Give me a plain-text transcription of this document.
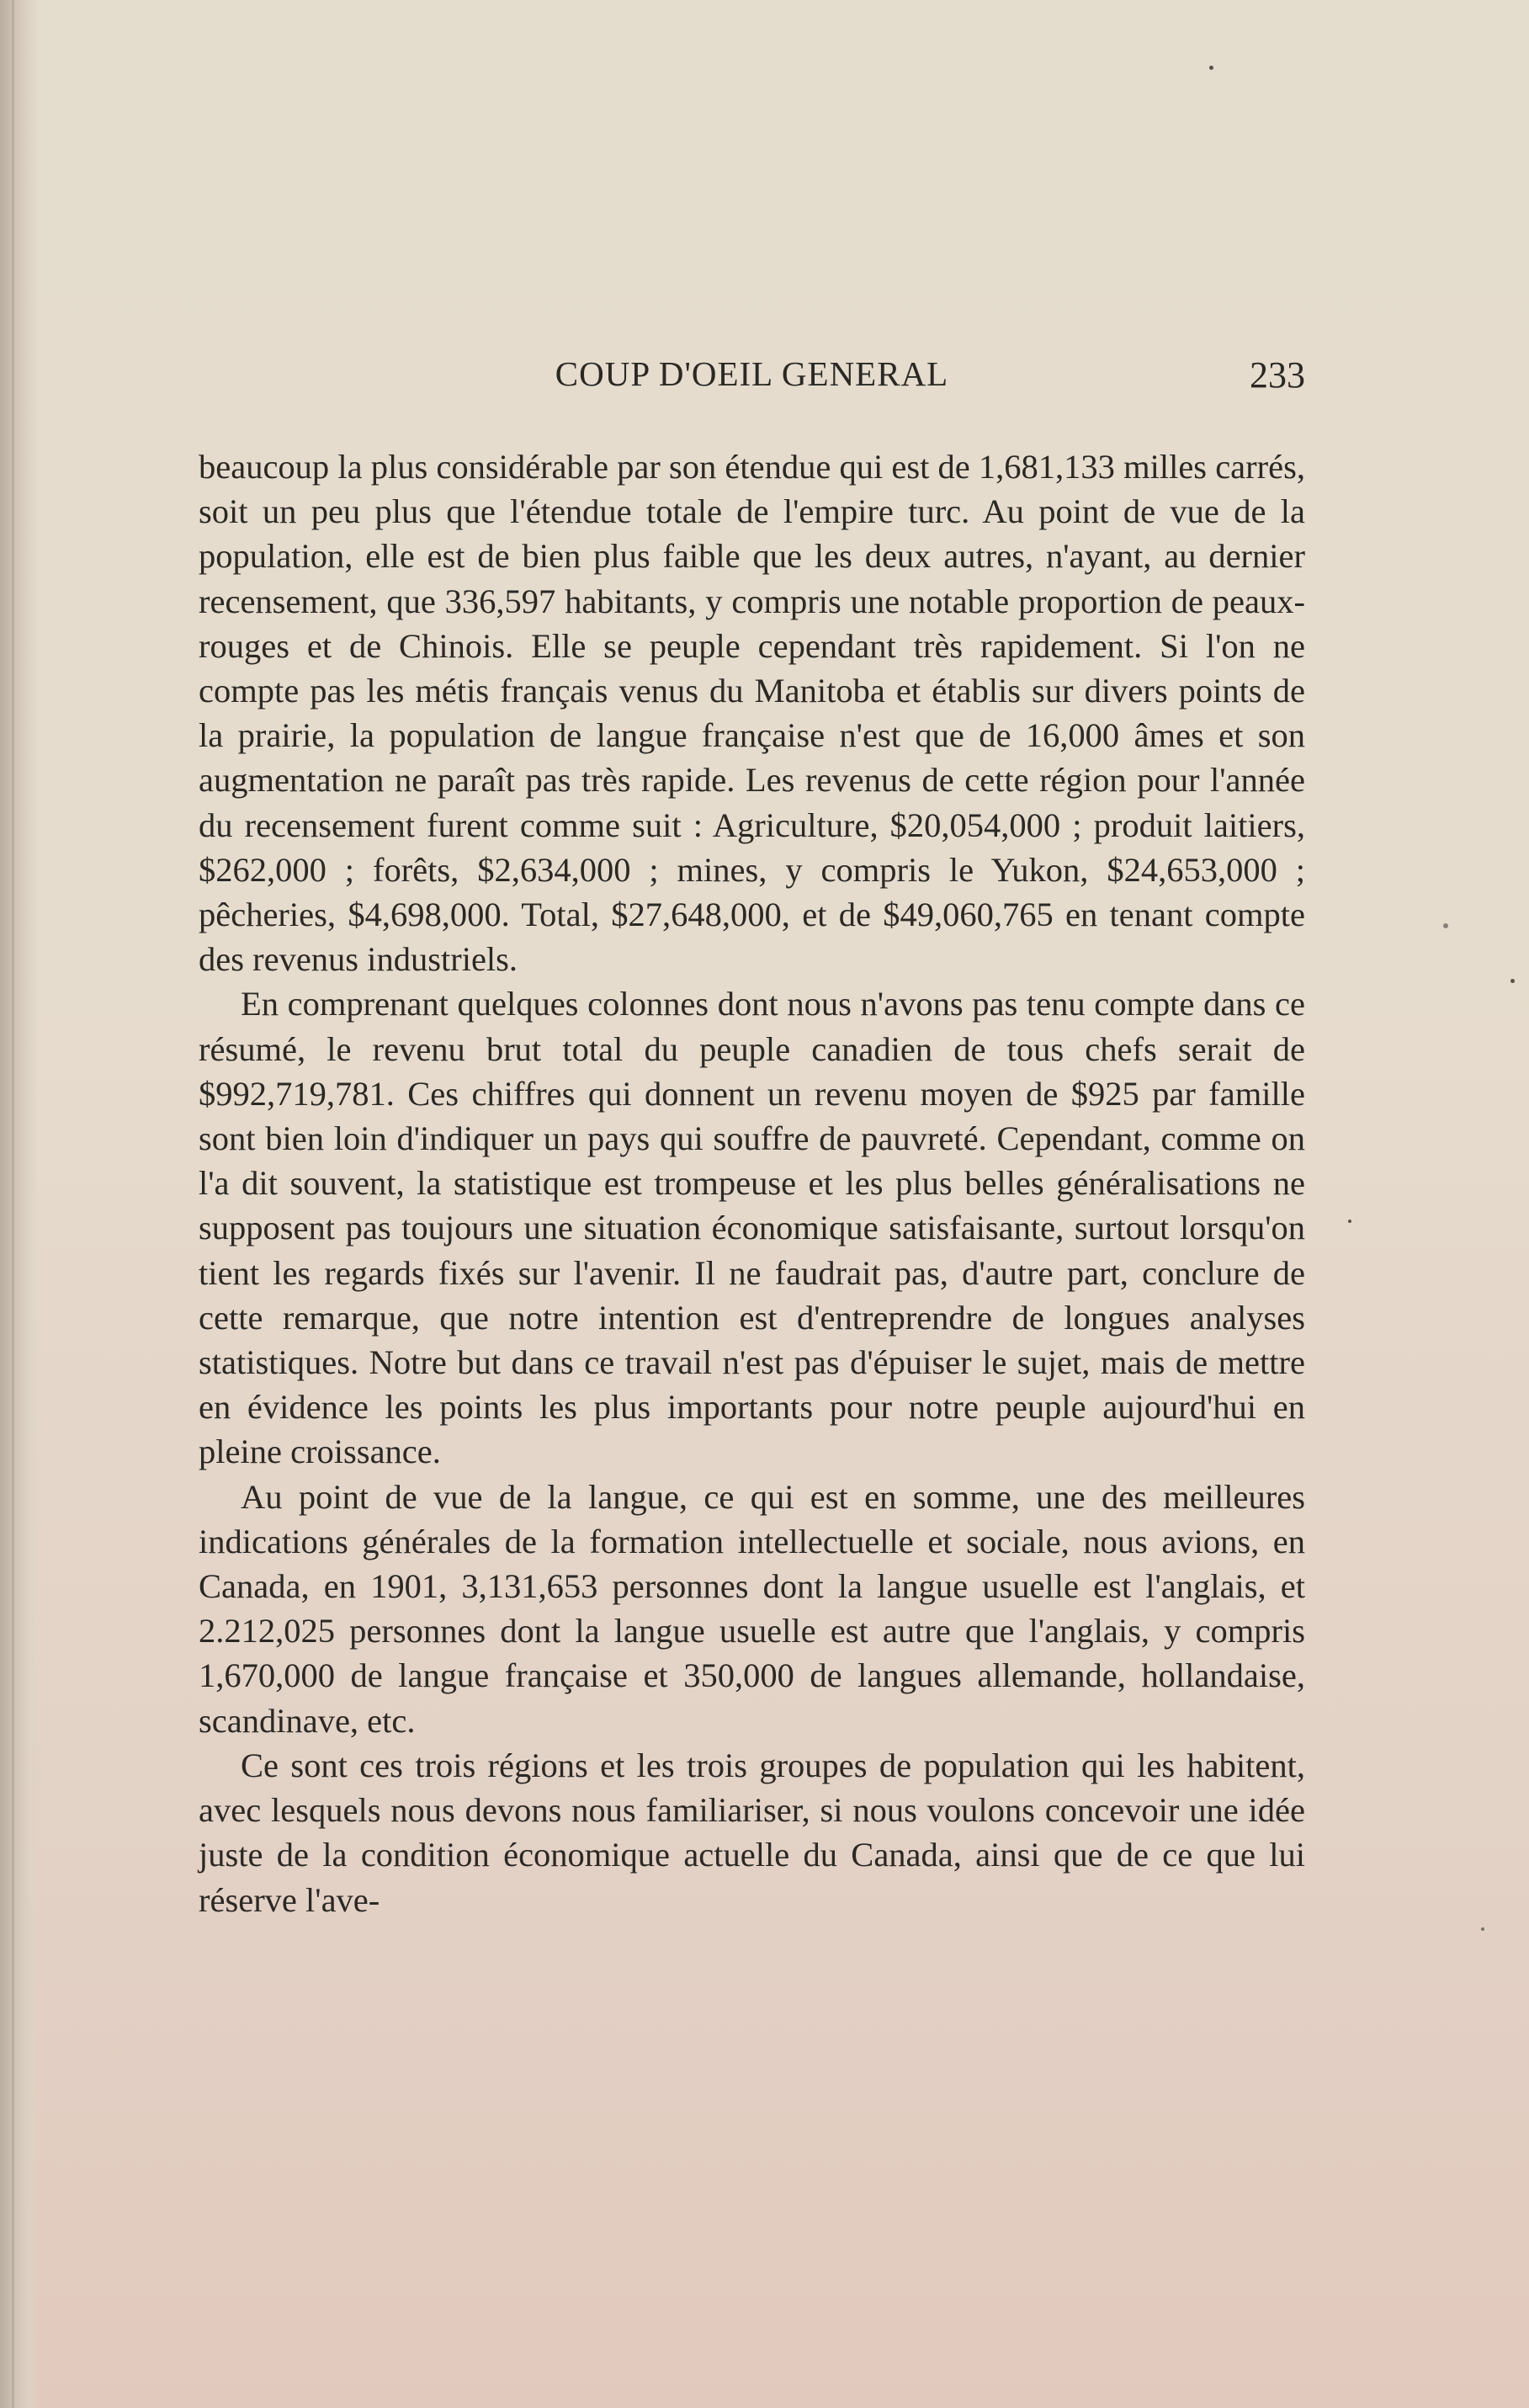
COUP D'OEIL GENERAL	233

beaucoup la plus considérable par son étendue qui est de 1,681,133 milles carrés, soit un peu plus que l'étendue totale de l'empire turc. Au point de vue de la population, elle est de bien plus faible que les deux autres, n'ayant, au dernier recensement, que 336,597 habitants, y compris une notable proportion de peaux-rouges et de Chinois. Elle se peuple cependant très rapidement. Si l'on ne compte pas les métis français venus du Manitoba et établis sur divers points de la prairie, la population de langue française n'est que de 16,000 âmes et son augmentation ne paraît pas très rapide. Les revenus de cette région pour l'année du recensement furent comme suit : Agriculture, $20,054,000 ; produit laitiers, $262,000 ; forêts, $2,634,000 ; mines, y compris le Yukon, $24,653,000 ; pêcheries, $4,698,000. Total, $27,648,000, et de $49,060,765 en tenant compte des revenus industriels.

En comprenant quelques colonnes dont nous n'avons pas tenu compte dans ce résumé, le revenu brut total du peuple canadien de tous chefs serait de $992,719,781. Ces chiffres qui donnent un revenu moyen de $925 par famille sont bien loin d'indiquer un pays qui souffre de pauvreté. Cependant, comme on l'a dit souvent, la statistique est trompeuse et les plus belles généralisations ne supposent pas toujours une situation économique satisfaisante, surtout lorsqu'on tient les regards fixés sur l'avenir. Il ne faudrait pas, d'autre part, conclure de cette remarque, que notre intention est d'entreprendre de longues analyses statistiques. Notre but dans ce travail n'est pas d'épuiser le sujet, mais de mettre en évidence les points les plus importants pour notre peuple aujourd'hui en pleine croissance.

Au point de vue de la langue, ce qui est en somme, une des meilleures indications générales de la formation intellectuelle et sociale, nous avions, en Canada, en 1901, 3,131,653 personnes dont la langue usuelle est l'anglais, et 2.212,025 personnes dont la langue usuelle est autre que l'anglais, y compris 1,670,000 de langue française et 350,000 de langues allemande, hollandaise, scandinave, etc.

Ce sont ces trois régions et les trois groupes de population qui les habitent, avec lesquels nous devons nous familiariser, si nous voulons concevoir une idée juste de la condition économique actuelle du Canada, ainsi que de ce que lui réserve l'ave-
